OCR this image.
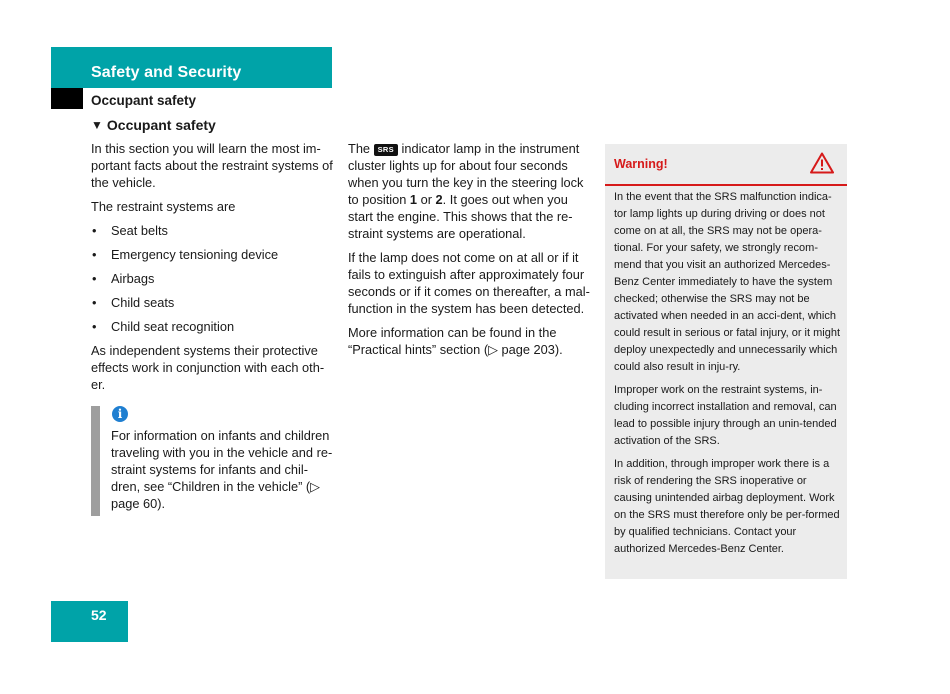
Safety and Security
Occupant safety
▼ Occupant safety

In this section you will learn the most im-portant facts about the restraint systems of the vehicle.

The restraint systems are

• Seat belts
• Emergency tensioning device
• Airbags
• Child seats
• Child seat recognition

As independent systems their protective effects work in conjunction with each oth-er.

i
For information on infants and children traveling with you in the vehicle and re-straint systems for infants and chil-dren, see “Children in the vehicle” (▷ page 60).

The SRS indicator lamp in the instrument cluster lights up for about four seconds when you turn the key in the steering lock to position 1 or 2. It goes out when you start the engine. This shows that the re-straint systems are operational.

If the lamp does not come on at all or if it fails to extinguish after approximately four seconds or if it comes on thereafter, a mal-function in the system has been detected.

More information can be found in the “Practical hints” section (▷ page 203).

Warning!

In the event that the SRS malfunction indica-tor lamp lights up during driving or does not come on at all, the SRS may not be opera-tional. For your safety, we strongly recom-mend that you visit an authorized Mercedes-Benz Center immediately to have the system checked; otherwise the SRS may not be activated when needed in an acci-dent, which could result in serious or fatal injury, or it might deploy unexpectedly and unnecessarily which could also result in inju-ry.

Improper work on the restraint systems, in-cluding incorrect installation and removal, can lead to possible injury through an unin-tended activation of the SRS.

In addition, through improper work there is a risk of rendering the SRS inoperative or causing unintended airbag deployment. Work on the SRS must therefore only be per-formed by qualified technicians. Contact your authorized Mercedes-Benz Center.

52
